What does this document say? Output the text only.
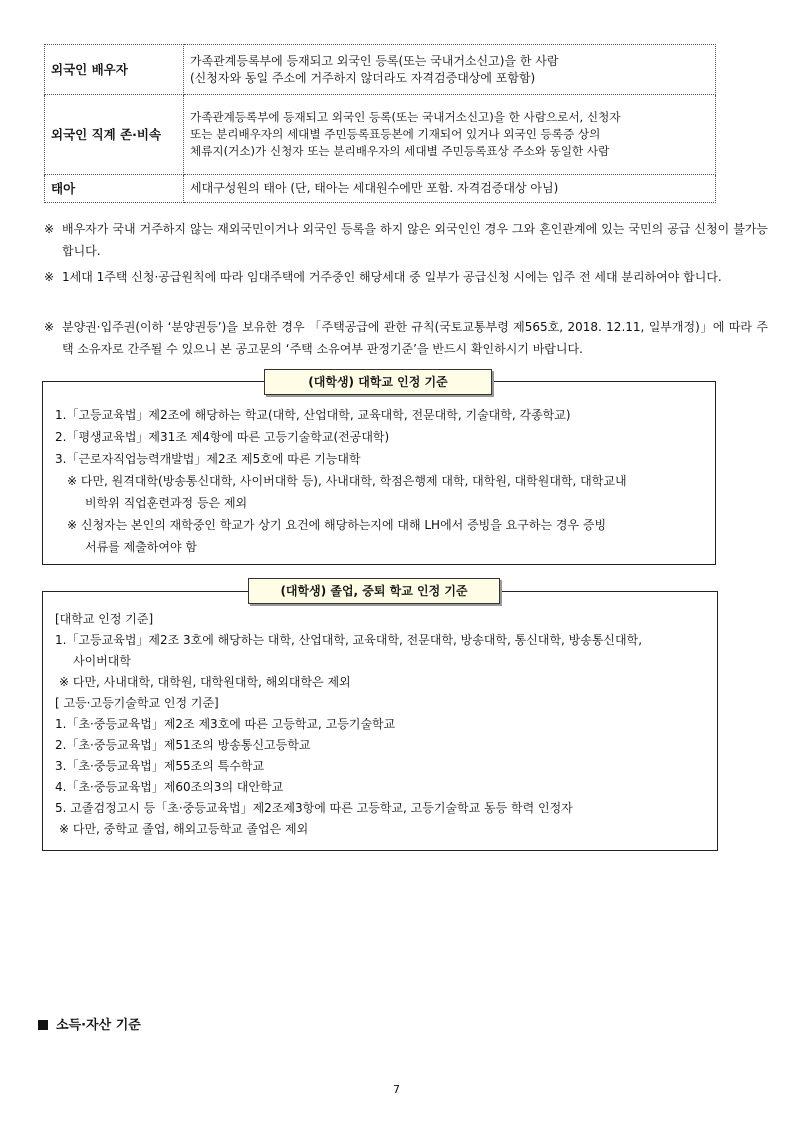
외국인 배우자	가족관계등록부에 등재되고 외국인 등록(또는 국내거소신고)을 한 사람
(신청자와 동일 주소에 거주하지 않더라도 자격검증대상에 포함함)

외국인 직계 존·비속	가족관계등록부에 등재되고 외국인 등록(또는 국내거소신고)을 한 사람으로서, 신청자
또는 분리배우자의 세대별 주민등록표등본에 기재되어 있거나 외국인 등록증 상의
체류지(거소)가 신청자 또는 분리배우자의 세대별 주민등록표상 주소와 동일한 사람

태아	세대구성원의 태아 (단, 태아는 세대원수에만 포함. 자격검증대상 아님)
※ 배우자가 국내 거주하지 않는 재외국민이거나 외국인 등록을 하지 않은 외국인인 경우 그와 혼인관계에 있는 국민의 공급 신청이 불가능합니다.
※ 1세대 1주택 신청·공급원칙에 따라 임대주택에 거주중인 해당세대 중 일부가 공급신청 시에는 입주 전 세대 분리하여야 합니다.
※ 분양권·입주권(이하 ‘분양권등’)을 보유한 경우 「주택공급에 관한 규칙(국토교통부령 제565호, 2018. 12.11, 일부개정)」에 따라 주택 소유자로 간주될 수 있으니 본 공고문의 ‘주택 소유여부 판정기준’을 반드시 확인하시기 바랍니다.
1.「고등교육법」제2조에 해당하는 학교(대학, 산업대학, 교육대학, 전문대학, 기술대학, 각종학교)
2.「평생교육법」제31조 제4항에 따른 고등기술학교(전공대학)
3.「근로자직업능력개발법」제2조 제5호에 따른 기능대학
※ 다만, 원격대학(방송통신대학, 사이버대학 등), 사내대학, 학점은행제 대학, 대학원, 대학원대학, 대학교내
비학위 직업훈련과정 등은 제외
※ 신청자는 본인의 재학중인 학교가 상기 요건에 해당하는지에 대해 LH에서 증빙을 요구하는 경우 증빙
서류를 제출하여야 함
(대학생) 대학교 인정 기준
[대학교 인정 기준]
1.「고등교육법」제2조 3호에 해당하는 대학, 산업대학, 교육대학, 전문대학, 방송대학, 통신대학, 방송통신대학,
사이버대학
※ 다만, 사내대학, 대학원, 대학원대학, 해외대학은 제외
[ 고등·고등기술학교 인정 기준]
1.「초·중등교육법」제2조 제3호에 따른 고등학교, 고등기술학교
2.「초·중등교육법」제51조의 방송통신고등학교
3.「초·중등교육법」제55조의 특수학교
4.「초·중등교육법」제60조의3의 대안학교
5. 고졸검정고시 등「초·중등교육법」제2조제3항에 따른 고등학교, 고등기술학교 동등 학력 인정자
※ 다만, 중학교 졸업, 해외고등학교 졸업은 제외
(대학생) 졸업, 중퇴 학교 인정 기준
소득·자산 기준
7
